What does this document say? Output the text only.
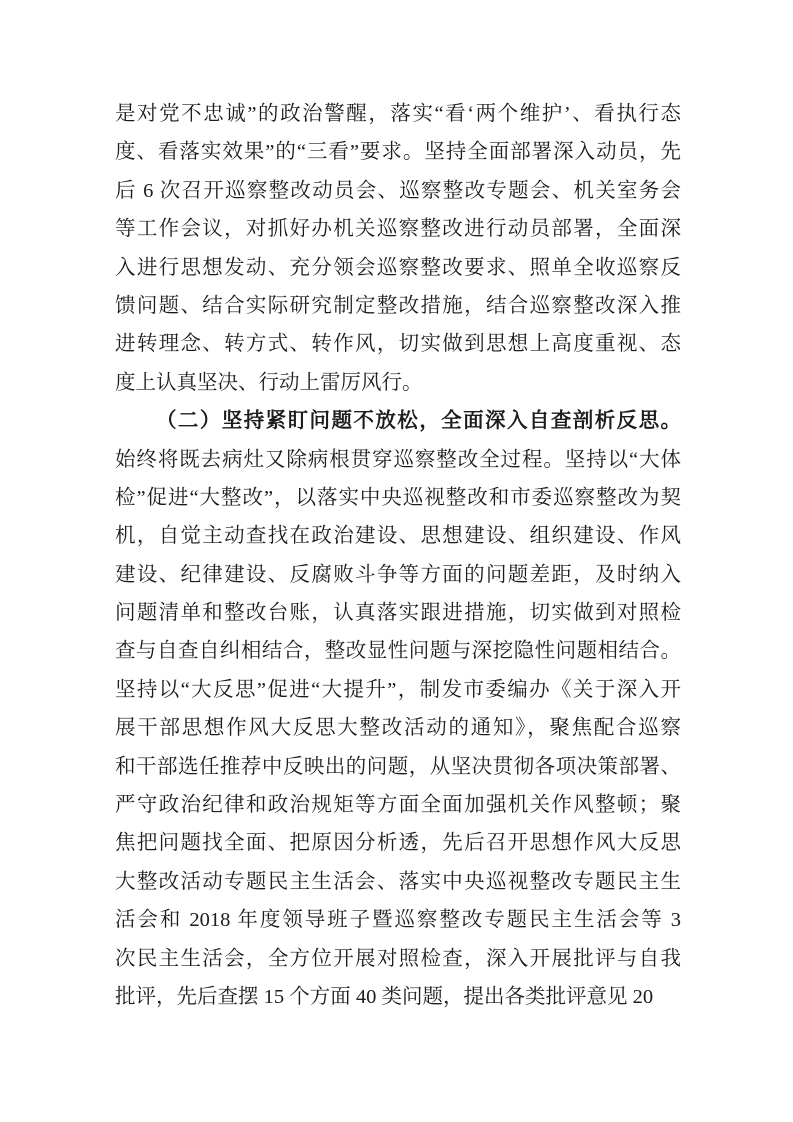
是对党不忠诚”的政治警醒，落实“看‘两个维护’、看执行态
度、看落实效果”的“三看”要求。坚持全面部署深入动员，先
后 6 次召开巡察整改动员会、巡察整改专题会、机关室务会
等工作会议，对抓好办机关巡察整改进行动员部署，全面深
入进行思想发动、充分领会巡察整改要求、照单全收巡察反
馈问题、结合实际研究制定整改措施，结合巡察整改深入推
进转理念、转方式、转作风，切实做到思想上高度重视、态
度上认真坚决、行动上雷厉风行。
（二）坚持紧盯问题不放松，全面深入自查剖析反思。
始终将既去病灶又除病根贯穿巡察整改全过程。坚持以“大体
检”促进“大整改”，以落实中央巡视整改和市委巡察整改为契
机，自觉主动查找在政治建设、思想建设、组织建设、作风
建设、纪律建设、反腐败斗争等方面的问题差距，及时纳入
问题清单和整改台账，认真落实跟进措施，切实做到对照检
查与自查自纠相结合，整改显性问题与深挖隐性问题相结合。
坚持以“大反思”促进“大提升”，制发市委编办《关于深入开
展干部思想作风大反思大整改活动的通知》，聚焦配合巡察
和干部选任推荐中反映出的问题，从坚决贯彻各项决策部署、
严守政治纪律和政治规矩等方面全面加强机关作风整顿；聚
焦把问题找全面、把原因分析透，先后召开思想作风大反思
大整改活动专题民主生活会、落实中央巡视整改专题民主生
活会和 2018 年度领导班子暨巡察整改专题民主生活会等 3
次民主生活会，全方位开展对照检查，深入开展批评与自我
批评，先后查摆 15 个方面 40 类问题，提出各类批评意见 20
